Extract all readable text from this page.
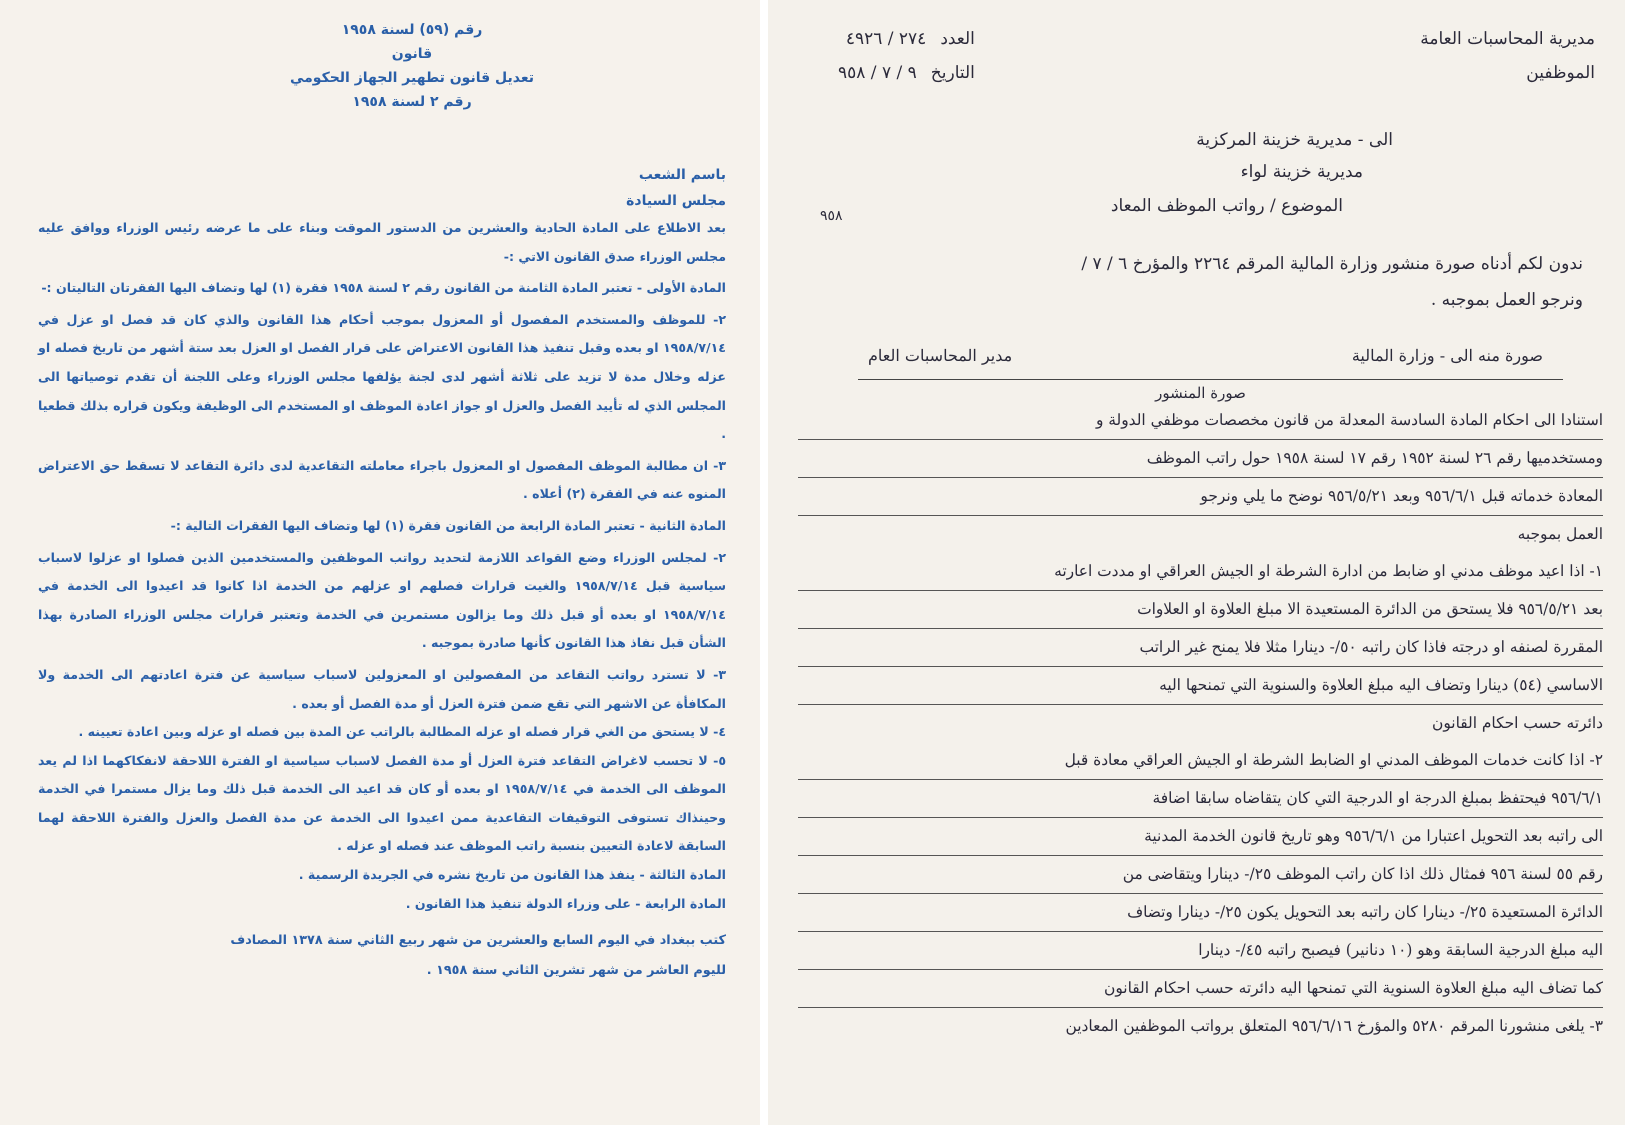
رقم (٥٩) لسنة ١٩٥٨
قانون
تعديل قانون تطهير الجهاز الحكومي
رقم ٢ لسنة ١٩٥٨
باسم الشعب
مجلس السيادة

بعد الاطلاع على المادة الحادية والعشرين من الدستور الموقت وبناء على ما عرضه رئيس الوزراء ووافق عليه مجلس الوزراء صدق القانون الاتي :-

المادة الأولى - تعتبر المادة الثامنة من القانون رقم ٢ لسنة ١٩٥٨ فقرة (١) لها وتضاف اليها الفقرتان التاليتان :-

٢- للموظف والمستخدم المفصول أو المعزول بموجب أحكام هذا القانون والذي كان قد فصل او عزل في ١٩٥٨/٧/١٤ او بعده وقبل تنفيذ هذا القانون الاعتراض على قرار الفصل او العزل بعد ستة أشهر من تاريخ فصله او عزله وخلال مدة لا تزيد على ثلاثة أشهر لدى لجنة يؤلفها مجلس الوزراء وعلى اللجنة أن تقدم توصياتها الى المجلس الذي له تأييد الفصل والعزل او جواز اعادة الموظف او المستخدم الى الوظيفة ويكون قراره بذلك قطعيا .

٣- ان مطالبة الموظف المفصول او المعزول باجراء معاملته التقاعدية لدى دائرة التقاعد لا تسقط حق الاعتراض المنوه عنه في الفقرة (٢) أعلاه .

المادة الثانية - تعتبر المادة الرابعة من القانون فقرة (١) لها وتضاف اليها الفقرات التالية :-

٢- لمجلس الوزراء وضع القواعد اللازمة لتحديد رواتب الموظفين والمستخدمين الذين فصلوا او عزلوا لاسباب سياسية قبل ١٩٥٨/٧/١٤ والغيت قرارات فصلهم او عزلهم من الخدمة اذا كانوا قد اعيدوا الى الخدمة في ١٩٥٨/٧/١٤ او بعده أو قبل ذلك وما يزالون مستمرين في الخدمة وتعتبر قرارات مجلس الوزراء الصادرة بهذا الشأن قبل نفاذ هذا القانون كأنها صادرة بموجبه .

٣- لا تسترد رواتب التقاعد من المفصولين او المعزولين لاسباب سياسية عن فترة اعادتهم الى الخدمة ولا المكافأة عن الاشهر التي تقع ضمن فترة العزل أو مدة الفصل أو بعده .

٤- لا يستحق من الغي قرار فصله او عزله المطالبة بالراتب عن المدة بين فصله او عزله وبين اعادة تعيينه .

٥- لا تحسب لاغراض التقاعد فترة العزل أو مدة الفصل لاسباب سياسية او الفترة اللاحقة لانفكاكهما اذا لم يعد الموظف الى الخدمة في ١٩٥٨/٧/١٤ او بعده أو كان قد اعيد الى الخدمة قبل ذلك وما يزال مستمرا في الخدمة وحينذاك تستوفى التوقيفات التقاعدية ممن اعيدوا الى الخدمة عن مدة الفصل والعزل والفترة اللاحقة لهما السابقة لاعادة التعيين بنسبة راتب الموظف عند فصله او عزله .

المادة الثالثة - ينفذ هذا القانون من تاريخ نشره في الجريدة الرسمية .

المادة الرابعة - على وزراء الدولة تنفيذ هذا القانون .

كتب ببغداد في اليوم السابع والعشرين من شهر ربيع الثاني سنة ١٣٧٨ المصادف
لليوم العاشر من شهر تشرين الثاني سنة ١٩٥٨ .
مديرية المحاسبات العامة
الموظفين
العدد٢٧٤ / ٤٩٢٦
التاريخ٩ / ٧ / ٩٥٨
الى - مديرية خزينة المركزية
مديرية خزينة لواء
الموضوع / رواتب الموظف المعاد
٩٥٨
ندون لكم أدناه صورة منشور وزارة المالية المرقم ٢٢٦٤ والمؤرخ ٦ / ٧ /
ونرجو العمل بموجبه .
صورة منه الى - وزارة المالية
مدير المحاسبات العام
صورة المنشور

استنادا الى احكام المادة السادسة المعدلة من قانون مخصصات موظفي الدولة و

ومستخدميها رقم ٢٦ لسنة ١٩٥٢ رقم ١٧ لسنة ١٩٥٨ حول راتب الموظف

المعادة خدماته قبل ٩٥٦/٦/١ وبعد ٩٥٦/٥/٢١ نوضح ما يلي ونرجو

العمل بموجبه

١- اذا اعيد موظف مدني او ضابط من ادارة الشرطة او الجيش العراقي او مددت اعارته

بعد ٩٥٦/٥/٢١ فلا يستحق من الدائرة المستعيدة الا مبلغ العلاوة او العلاوات

المقررة لصنفه او درجته فاذا كان راتبه ٥٠/- دينارا مثلا فلا يمنح غير الراتب

الاساسي (٥٤) دينارا وتضاف اليه مبلغ العلاوة والسنوية التي تمنحها اليه

دائرته حسب احكام القانون

٢- اذا كانت خدمات الموظف المدني او الضابط الشرطة او الجيش العراقي معادة قبل

٩٥٦/٦/١ فيحتفظ بمبلغ الدرجة او الدرجية التي كان يتقاضاه سابقا اضافة

الى راتبه بعد التحويل اعتبارا من ٩٥٦/٦/١ وهو تاريخ قانون الخدمة المدنية

رقم ٥٥ لسنة ٩٥٦ فمثال ذلك اذا كان راتب الموظف ٢٥/- دينارا ويتقاضى من

الدائرة المستعيدة ٢٥/- دينارا كان راتبه بعد التحويل يكون ٢٥/- دينارا وتضاف

اليه مبلغ الدرجية السابقة وهو (١٠ دنانير) فيصبح راتبه ٤٥/- دينارا

كما تضاف اليه مبلغ العلاوة السنوية التي تمنحها اليه دائرته حسب احكام القانون

٣- يلغى منشورنا المرقم ٥٢٨٠ والمؤرخ ٩٥٦/٦/١٦ المتعلق برواتب الموظفين المعادين
